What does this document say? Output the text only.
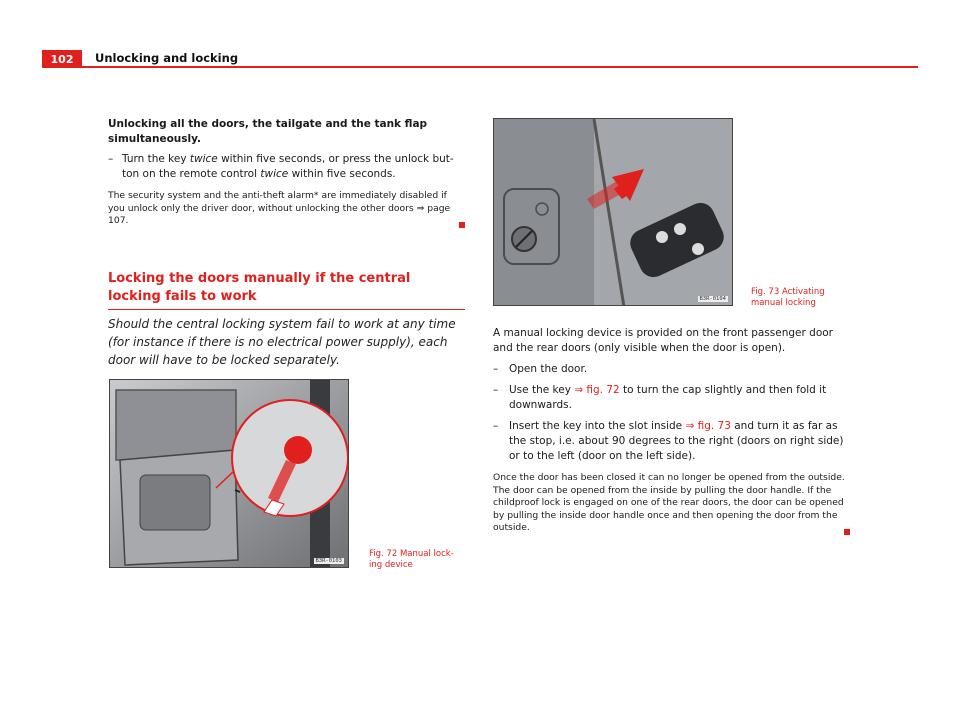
102	Unlocking and locking
Unlocking all the doors, the tailgate and the tank flap simultaneously.
– Turn the key twice within five seconds, or press the unlock but-ton on the remote control twice within five seconds.
The security system and the anti-theft alarm* are immediately disabled if you unlock only the driver door, without unlocking the other doors ⇒ page 107.
Locking the doors manually if the central locking fails to work
Should the central locking system fail to work at any time (for instance if there is no electrical power supply), each door will have to be locked separately.
B3R-0103
Fig. 72 Manual lock-ing device
B3R-0104
Fig. 73 Activating manual locking
A manual locking device is provided on the front passenger door and the rear doors (only visible when the door is open).
– Open the door.
– Use the key ⇒ fig. 72 to turn the cap slightly and then fold it downwards.
– Insert the key into the slot inside ⇒ fig. 73 and turn it as far as the stop, i.e. about 90 degrees to the right (doors on right side) or to the left (door on the left side).
Once the door has been closed it can no longer be opened from the outside. The door can be opened from the inside by pulling the door handle. If the childproof lock is engaged on one of the rear doors, the door can be opened by pulling the inside door handle once and then opening the door from the outside.
